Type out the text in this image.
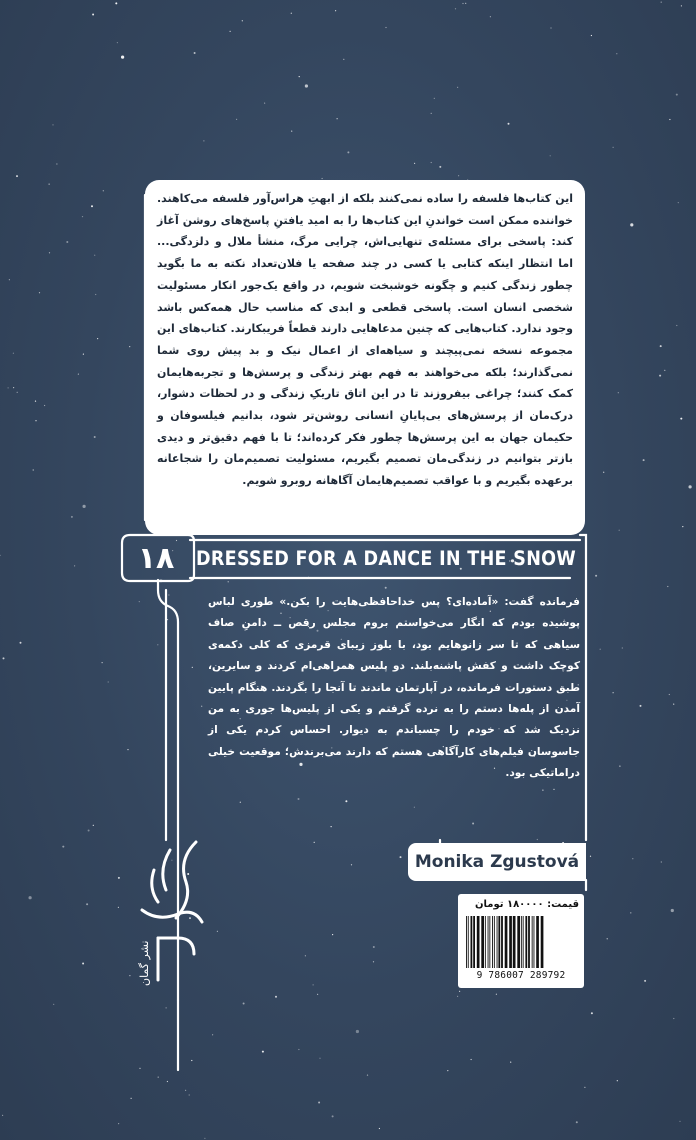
این کتاب‌ها فلسفه را ساده نمی‌کنند بلکه از ابهتِ هراس‌آور فلسفه می‌کاهند. خواننده ممکن است خواندنِ این کتاب‌ها را به امید یافتنِ پاسخ‌های روشن آغاز کند: پاسخی برای مسئله‌ی تنهایی‌اش، چرایی مرگ، منشأ ملال و دلزدگی... اما انتظار اینکه کتابی یا کسی در چند صفحه یا فلان‌تعداد نکته به ما بگوید چطور زندگی کنیم و چگونه خوشبخت شویم، در واقع یک‌جور انکار مسئولیت شخصی انسان است. پاسخی قطعی و ابدی که مناسب حال همه‌کس باشد وجود ندارد. کتاب‌هایی که چنین مدعاهایی دارند قطعاً فریبکارند. کتاب‌های این مجموعه نسخه نمی‌پیچند و سیاهه‌ای از اعمال نیک و بد پیش روی شما نمی‌گذارند؛ بلکه می‌خواهند به فهم بهتر زندگی و پرسش‌ها و تجربه‌هایمان کمک کنند؛ چراغی بیفروزند تا در این اتاق تاریکِ زندگی و در لحظات دشوار، درک‌مان از پرسش‌های بی‌پایانِ انسانی روشن‌تر شود، بدانیم فیلسوفان و حکیمان جهان به این پرسش‌ها چطور فکر کرده‌اند؛ تا با فهم دقیق‌تر و دیدی بازتر بتوانیم در زندگی‌مان تصمیم بگیریم، مسئولیت تصمیم‌مان را شجاعانه برعهده بگیریم و با عواقب تصمیم‌هایمان آگاهانه روبرو شویم.

۱۸	DRESSED FOR A DANCE IN THE SNOW

فرمانده گفت: «آماده‌ای؟ پس خداحافظی‌هایت را بکن.» طوری لباس پوشیده بودم که انگار می‌خواستم بروم مجلس رقص ــ دامنِ صاف سیاهی که تا سر زانوهایم بود، با بلوز زیبای قرمزی که کلی دکمه‌ی کوچک داشت و کفش پاشنه‌بلند. دو پلیس همراهی‌ام کردند و سایرین، طبق دستورات فرمانده، در آپارتمان ماندند تا آنجا را بگردند. هنگام پایین آمدن از پله‌ها دستم را به نرده گرفتم و یکی از پلیس‌ها جوری به من نزدیک شد که خودم را چسباندم به دیوار. احساس کردم یکی از جاسوسان فیلم‌های کارآگاهی هستم که دارند می‌برندش؛ موقعیت خیلی دراماتیکی بود.

Monika Zgustová
نشر گمان
قیمت: ۱۸۰۰۰۰ تومان
9 786007 289792
